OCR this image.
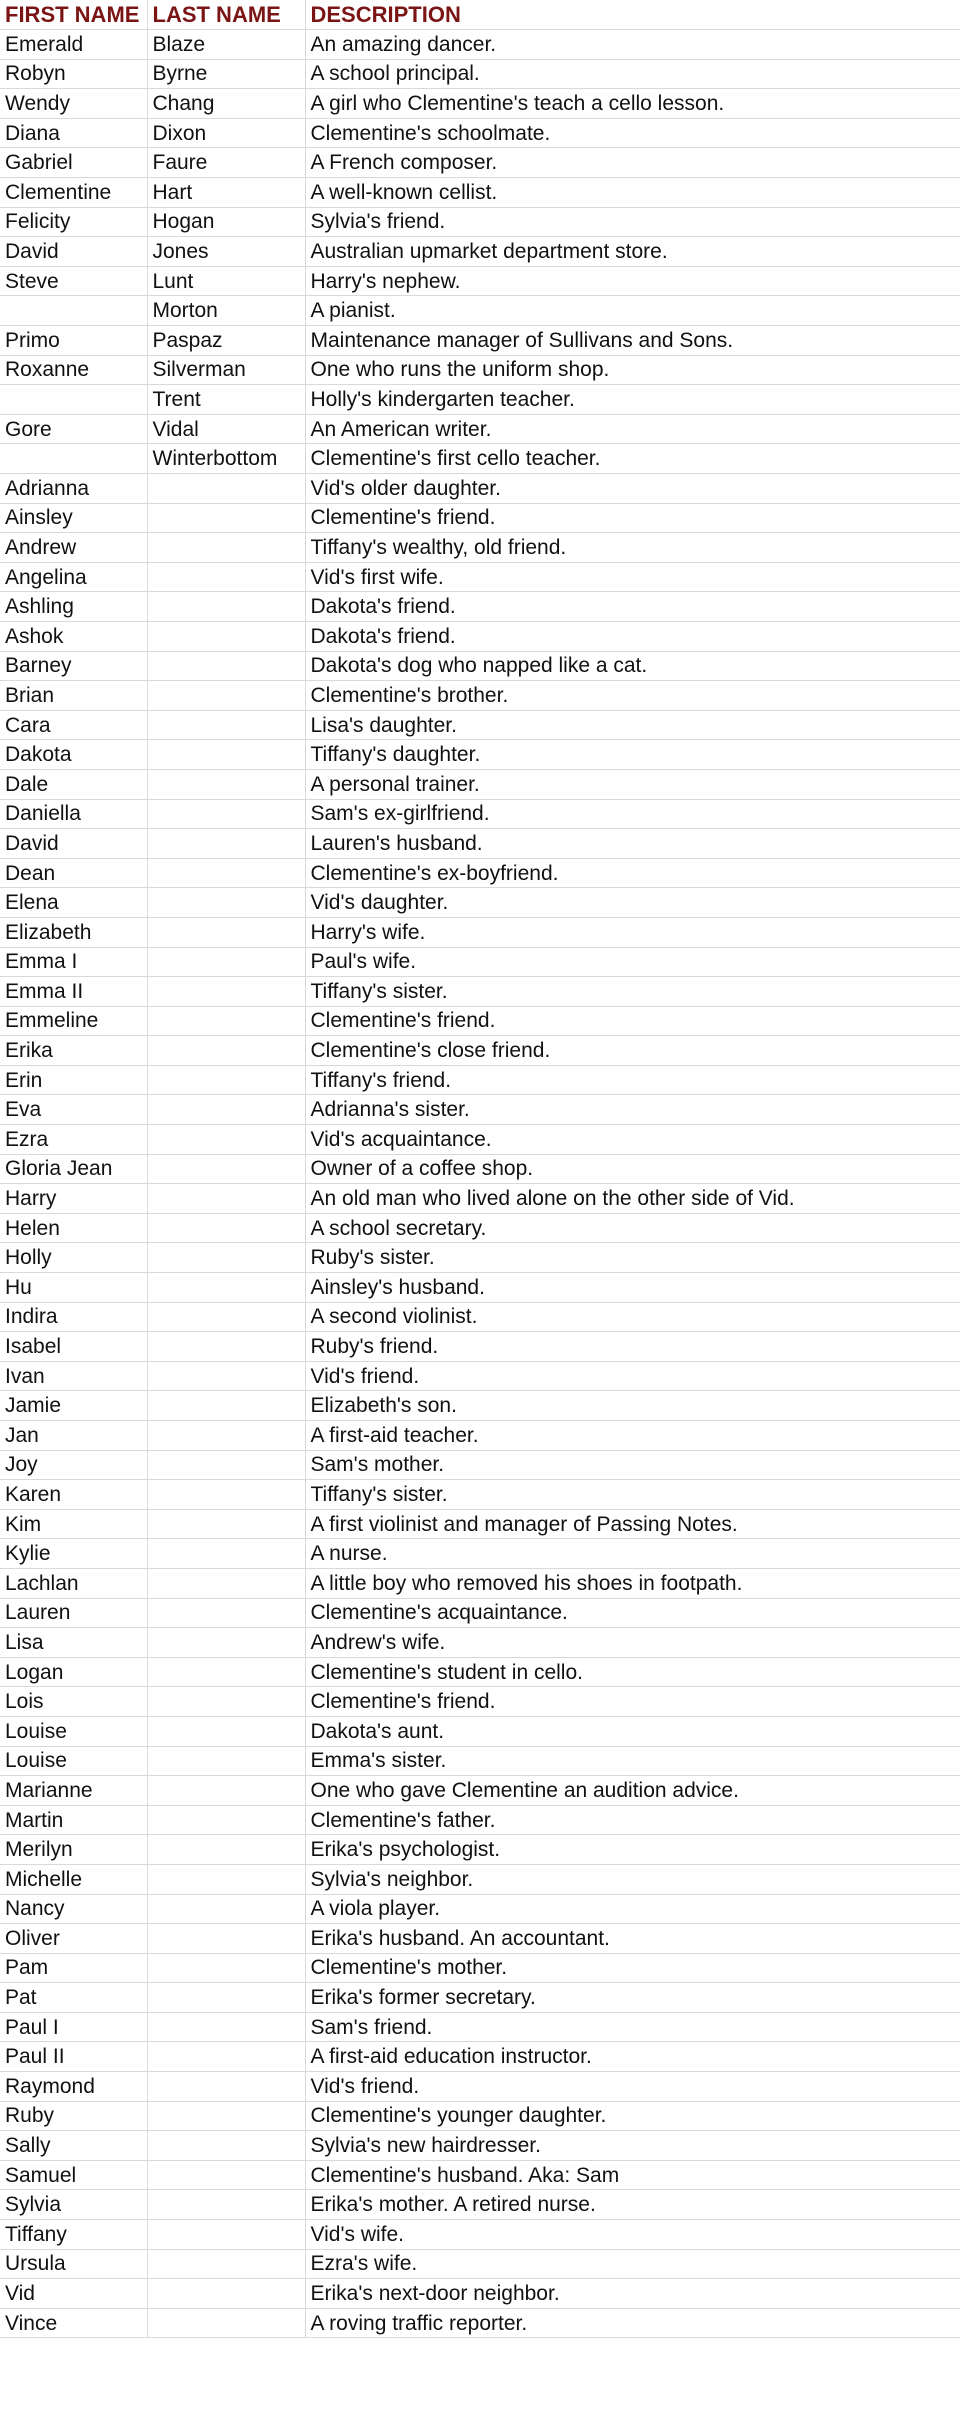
FIRST NAME	LAST NAME	DESCRIPTION
Emerald	Blaze	An amazing dancer.
Robyn	Byrne	A school principal.
Wendy	Chang	A girl who Clementine's teach a cello lesson.
Diana	Dixon	Clementine's schoolmate.
Gabriel	Faure	A French composer.
Clementine	Hart	A well-known cellist.
Felicity	Hogan	Sylvia's friend.
David	Jones	Australian upmarket department store.
Steve	Lunt	Harry's nephew.
	Morton	A pianist.
Primo	Paspaz	Maintenance manager of Sullivans and Sons.
Roxanne	Silverman	One who runs the uniform shop.
	Trent	Holly's kindergarten teacher.
Gore	Vidal	An American writer.
	Winterbottom	Clementine's first cello teacher.
Adrianna		Vid's older daughter.
Ainsley		Clementine's friend.
Andrew		Tiffany's wealthy, old friend.
Angelina		Vid's first wife.
Ashling		Dakota's friend.
Ashok		Dakota's friend.
Barney		Dakota's dog who napped like a cat.
Brian		Clementine's brother.
Cara		Lisa's daughter.
Dakota		Tiffany's daughter.
Dale		A personal trainer.
Daniella		Sam's ex-girlfriend.
David		Lauren's husband.
Dean		Clementine's ex-boyfriend.
Elena		Vid's daughter.
Elizabeth		Harry's wife.
Emma I		Paul's wife.
Emma II		Tiffany's sister.
Emmeline		Clementine's friend.
Erika		Clementine's close friend.
Erin		Tiffany's friend.
Eva		Adrianna's sister.
Ezra		Vid's acquaintance.
Gloria Jean		Owner of a coffee shop.
Harry		An old man who lived alone on the other side of Vid.
Helen		A school secretary.
Holly		Ruby's sister.
Hu		Ainsley's husband.
Indira		A second violinist.
Isabel		Ruby's friend.
Ivan		Vid's friend.
Jamie		Elizabeth's son.
Jan		A first-aid teacher.
Joy		Sam's mother.
Karen		Tiffany's sister.
Kim		A first violinist and manager of Passing Notes.
Kylie		A nurse.
Lachlan		A little boy who removed his shoes in footpath.
Lauren		Clementine's acquaintance.
Lisa		Andrew's wife.
Logan		Clementine's student in cello.
Lois		Clementine's friend.
Louise		Dakota's aunt.
Louise		Emma's sister.
Marianne		One who gave Clementine an audition advice.
Martin		Clementine's father.
Merilyn		Erika's psychologist.
Michelle		Sylvia's neighbor.
Nancy		A viola player.
Oliver		Erika's husband. An accountant.
Pam		Clementine's mother.
Pat		Erika's former secretary.
Paul I		Sam's friend.
Paul II		A first-aid education instructor.
Raymond		Vid's friend.
Ruby		Clementine's younger daughter.
Sally		Sylvia's new hairdresser.
Samuel		Clementine's husband. Aka: Sam
Sylvia		Erika's mother. A retired nurse.
Tiffany		Vid's wife.
Ursula		Ezra's wife.
Vid		Erika's next-door neighbor.
Vince		A roving traffic reporter.
